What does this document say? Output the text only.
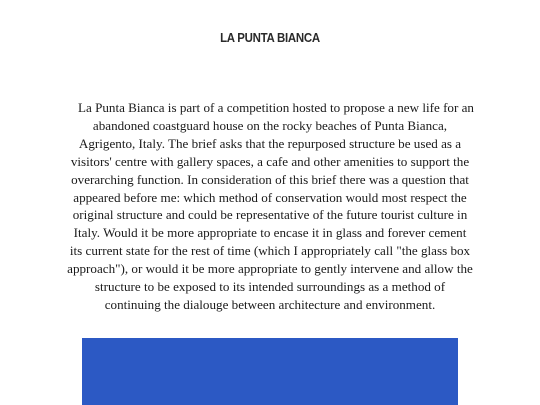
LA PUNTA BIANCA

La Punta Bianca is part of a competition hosted to propose a new life for an abandoned coastguard house on the rocky beaches of Punta Bianca, Agrigento, Italy. The brief asks that the repurposed structure be used as a visitors' centre with gallery spaces, a cafe and other amenities to support the overarching function. In consideration of this brief there was a question that appeared before me: which method of conservation would most respect the original structure and could be representative of the future tourist culture in Italy. Would it be more appropriate to encase it in glass and forever cement its current state for the rest of time (which I appropriately call "the glass box approach"), or would it be more appropriate to gently intervene and allow the structure to be exposed to its intended surroundings as a method of continuing the dialouge between architecture and environment.
